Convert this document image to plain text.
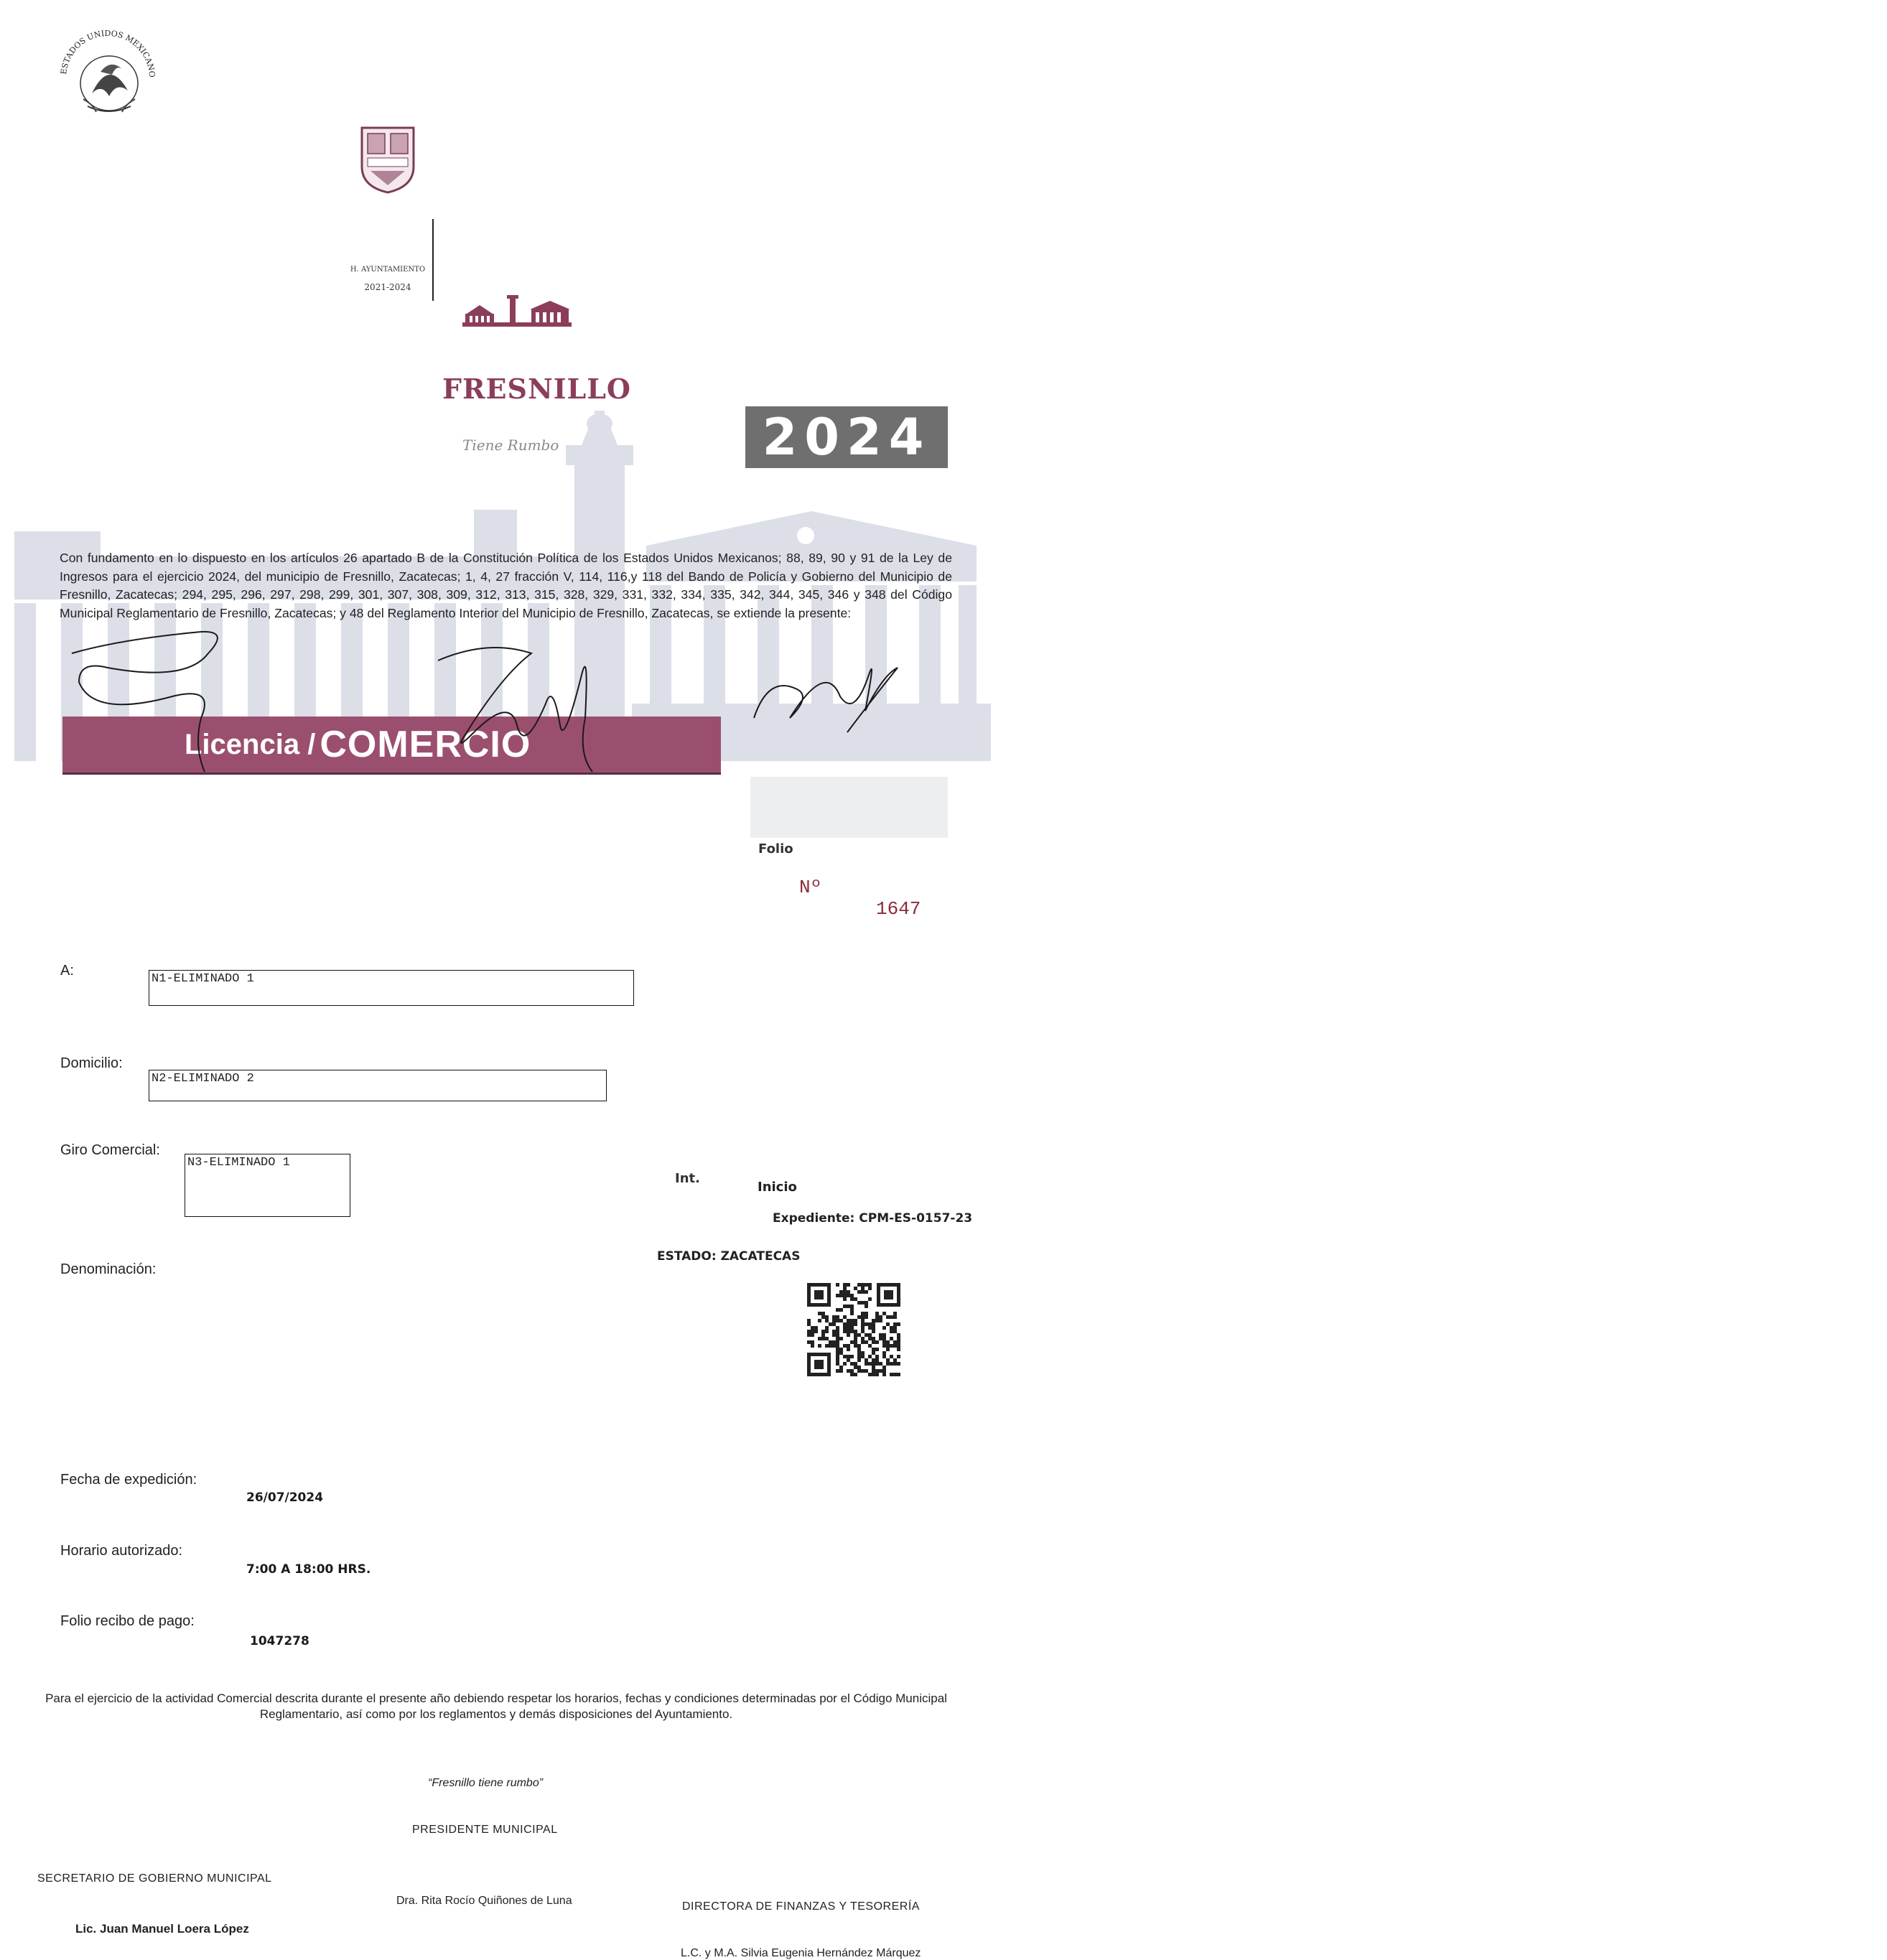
ESTADOS UNIDOS MEXICANO
H. AYUNTAMIENTO
2021-2024
FRESNILLO
Tiene Rumbo	2024
Con fundamento en lo dispuesto en los artículos 26 apartado B de la Constitución Política de los Estados Unidos Mexicanos; 88, 89, 90 y 91 de la Ley de Ingresos para el ejercicio 2024, del municipio de Fresnillo, Zacatecas; 1, 4, 27 fracción V, 114, 116,y 118 del Bando de Policía y Gobierno del Municipio de Fresnillo, Zacatecas; 294, 295, 296, 297, 298, 299, 301, 307, 308, 309, 312, 313, 315, 328, 329, 331, 332, 334, 335, 342, 344, 345, 346 y 348 del Código Municipal Reglamentario de Fresnillo, Zacatecas; y 48 del Reglamento Interior del Municipio de Fresnillo, Zacatecas, se extiende la presente:
Licencia / COMERCIO
Folio
Nº
1647
A:
N1-ELIMINADO 1
Domicilio:
N2-ELIMINADO 2
Giro Comercial:
N3-ELIMINADO 1
Denominación:
Int.
Inicio
Expediente: CPM-ES-0157-23
ESTADO: ZACATECAS
Fecha de expedición:
26/07/2024
Horario autorizado:
7:00 A 18:00 HRS.
Folio recibo de pago:
1047278
Para el ejercicio de la actividad Comercial descrita durante el presente año debiendo respetar los horarios, fechas y condiciones determinadas por el Código Municipal Reglamentario, así como por los reglamentos y demás disposiciones del Ayuntamiento.
“Fresnillo tiene rumbo”
PRESIDENTE MUNICIPAL
Dra. Rita Rocío Quiñones de Luna
SECRETARIO DE GOBIERNO MUNICIPAL
Lic. Juan Manuel Loera López
DIRECTORA DE FINANZAS Y TESORERÍA
L.C. y M.A. Silvia Eugenia Hernández Márquez
